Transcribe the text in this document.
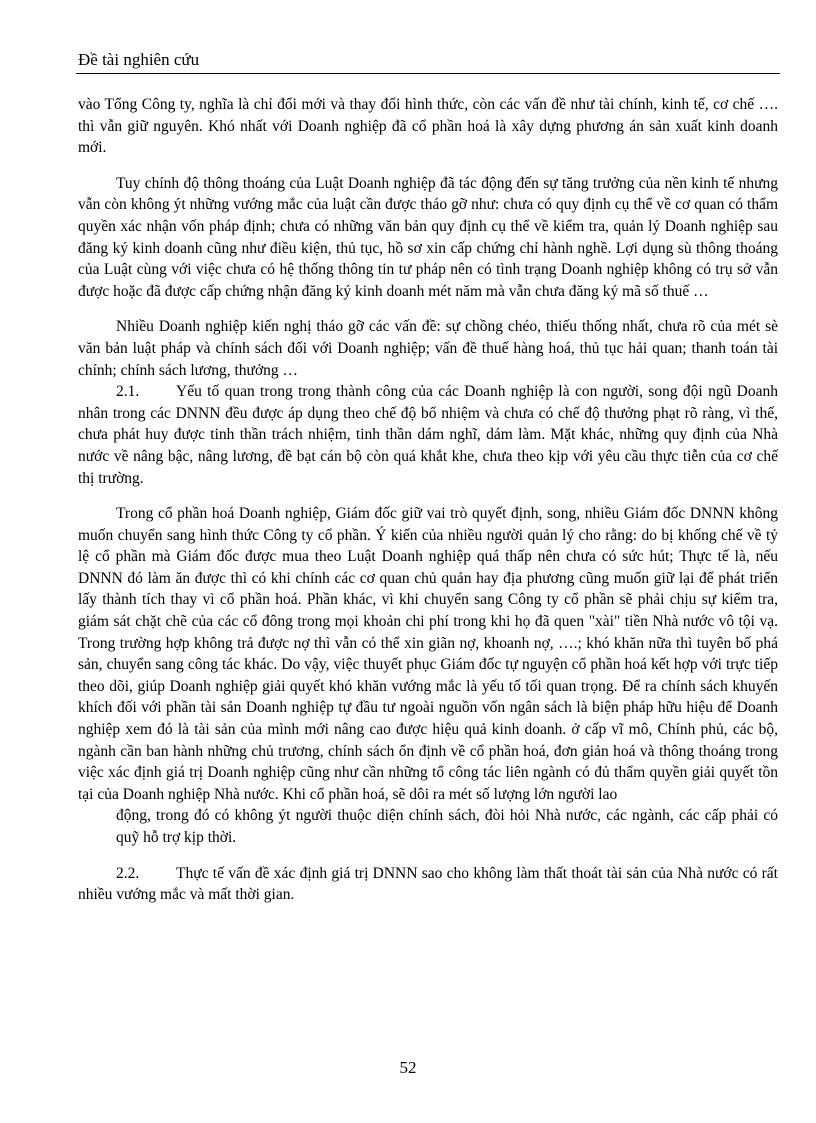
Đề tài nghiên cứu

vào Tổng Công ty, nghĩa là chỉ đổi mới và thay đổi hình thức, còn các vấn đề như tài chính, kinh tế, cơ chế …. thì vẫn giữ nguyên. Khó nhất với Doanh nghiệp đã cổ phần hoá là xây dựng phương án sản xuất kinh doanh mới.

Tuy chính độ thông thoáng của Luật Doanh nghiệp đã tác động đến sự tăng trưởng của nền kinh tế nhưng vẫn còn không ýt những vướng mắc của luật cần được tháo gỡ như: chưa có quy định cụ thể về cơ quan có thẩm quyền xác nhận vốn pháp định; chưa có những văn bản quy định cụ thể về kiểm tra, quản lý Doanh nghiệp sau đăng ký kinh doanh cũng như điều kiện, thủ tục, hồ sơ xin cấp chứng chỉ hành nghề. Lợi dụng sù thông thoáng của Luật cùng với việc chưa có hệ thống thông tin tư pháp nên có tình trạng Doanh nghiệp không có trụ sở vẫn được hoặc đã được cấp chứng nhận đăng ký kinh doanh mét năm mà vẫn chưa đăng ký mã số thuế …

Nhiều Doanh nghiệp kiến nghị tháo gỡ các vấn đề: sự chồng chéo, thiếu thống nhất, chưa rõ của mét sè văn bản luật pháp và chính sách đối với Doanh nghiệp; vấn đề thuế hàng hoá, thủ tục hải quan; thanh toán tài chính; chính sách lương, thưởng …

2.1. Yếu tố quan trong trong thành công của các Doanh nghiệp là con người, song đội ngũ Doanh nhân trong các DNNN đều được áp dụng theo chế độ bổ nhiệm và chưa có chế độ thưởng phạt rõ ràng, vì thế, chưa phát huy được tinh thần trách nhiệm, tinh thần dám nghĩ, dám làm. Mặt khác, những quy định của Nhà nước về nâng bậc, nâng lương, đề bạt cán bộ còn quá khắt khe, chưa theo kịp với yêu cầu thực tiễn của cơ chế thị trường.

Trong cổ phần hoá Doanh nghiệp, Giám đốc giữ vai trò quyết định, song, nhiều Giám đốc DNNN không muốn chuyển sang hình thức Công ty cổ phần. Ý kiến của nhiều người quản lý cho rằng: do bị khống chế về tỷ lệ cổ phần mà Giám đốc được mua theo Luật Doanh nghiệp quá thấp nên chưa có sức hút; Thực tế là, nếu DNNN đó làm ăn được thì có khi chính các cơ quan chủ quản hay địa phương cũng muốn giữ lại để phát triển lấy thành tích thay vì cổ phần hoá. Phần khác, vì khi chuyển sang Công ty cổ phần sẽ phải chịu sự kiểm tra, giám sát chặt chẽ của các cổ đông trong mọi khoản chi phí trong khi họ đã quen "xài" tiền Nhà nước vô tội vạ. Trong trường hợp không trả được nợ thì vẫn có thể xin giãn nợ, khoanh nợ, ….; khó khăn nữa thì tuyên bố phá sản, chuyển sang công tác khác. Do vậy, việc thuyết phục Giám đốc tự nguyện cổ phần hoá kết hợp với trực tiếp theo dõi, giúp Doanh nghiệp giải quyết khó khăn vướng mắc là yếu tố tối quan trọng. Để ra chính sách khuyến khích đối với phần tài sản Doanh nghiệp tự đầu tư ngoài nguồn vốn ngân sách là biện pháp hữu hiệu để Doanh nghiệp xem đó là tài sản của mình mới nâng cao được hiệu quả kinh doanh. ở cấp vĩ mô, Chính phủ, các bộ, ngành cần ban hành những chủ trương, chính sách ổn định về cổ phần hoá, đơn giản hoá và thông thoáng trong việc xác định giá trị Doanh nghiệp cũng như cần những tổ công tác liên ngành có đủ thẩm quyền giải quyết tồn tại của Doanh nghiệp Nhà nước. Khi cổ phần hoá, sẽ dôi ra mét số lượng lớn người lao

động, trong đó có không ýt người thuộc diện chính sách, đòi hỏi Nhà nước, các ngành, các cấp phải có quỹ hỗ trợ kịp thời.

2.2. Thực tế vấn đề xác định giá trị DNNN sao cho không làm thất thoát tài sản của Nhà nước có rất nhiều vướng mắc và mất thời gian.

52
